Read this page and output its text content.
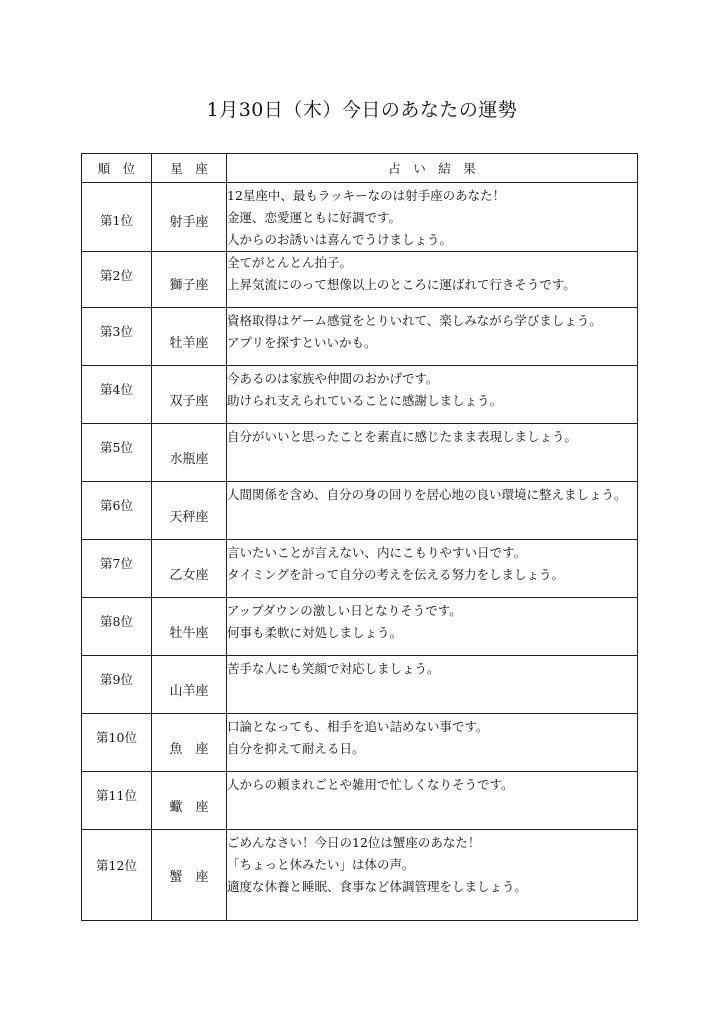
1月30日（木）今日のあなたの運勢
順　位	星　座	占　い　結　果
第1位	射手座	12星座中、最もラッキーなのは射手座のあなた！
金運、恋愛運ともに好調です。
人からのお誘いは喜んでうけましょう。

第2位	獅子座	全てがとんとん拍子。
上昇気流にのって想像以上のところに運ばれて行きそうです。

第3位	牡羊座	資格取得はゲーム感覚をとりいれて、楽しみながら学びましょう。
アプリを探すといいかも。

第4位	双子座	今あるのは家族や仲間のおかげです。
助けられ支えられていることに感謝しましょう。

第5位	水瓶座	自分がいいと思ったことを素直に感じたまま表現しましょう。

第6位	天秤座	人間関係を含め、自分の身の回りを居心地の良い環境に整えましょう。

第7位	乙女座	言いたいことが言えない、内にこもりやすい日です。
タイミングを計って自分の考えを伝える努力をしましょう。

第8位	牡牛座	アップダウンの激しい日となりそうです。
何事も柔軟に対処しましょう。

第9位	山羊座	苦手な人にも笑顔で対応しましょう。

第10位	魚　座	口論となっても、相手を追い詰めない事です。
自分を抑えて耐える日。

第11位	蠍　座	人からの頼まれごとや雑用で忙しくなりそうです。

第12位	蟹　座	ごめんなさい！今日の12位は蟹座のあなた！
「ちょっと休みたい」は体の声。
適度な休養と睡眠、食事など体調管理をしましょう。
